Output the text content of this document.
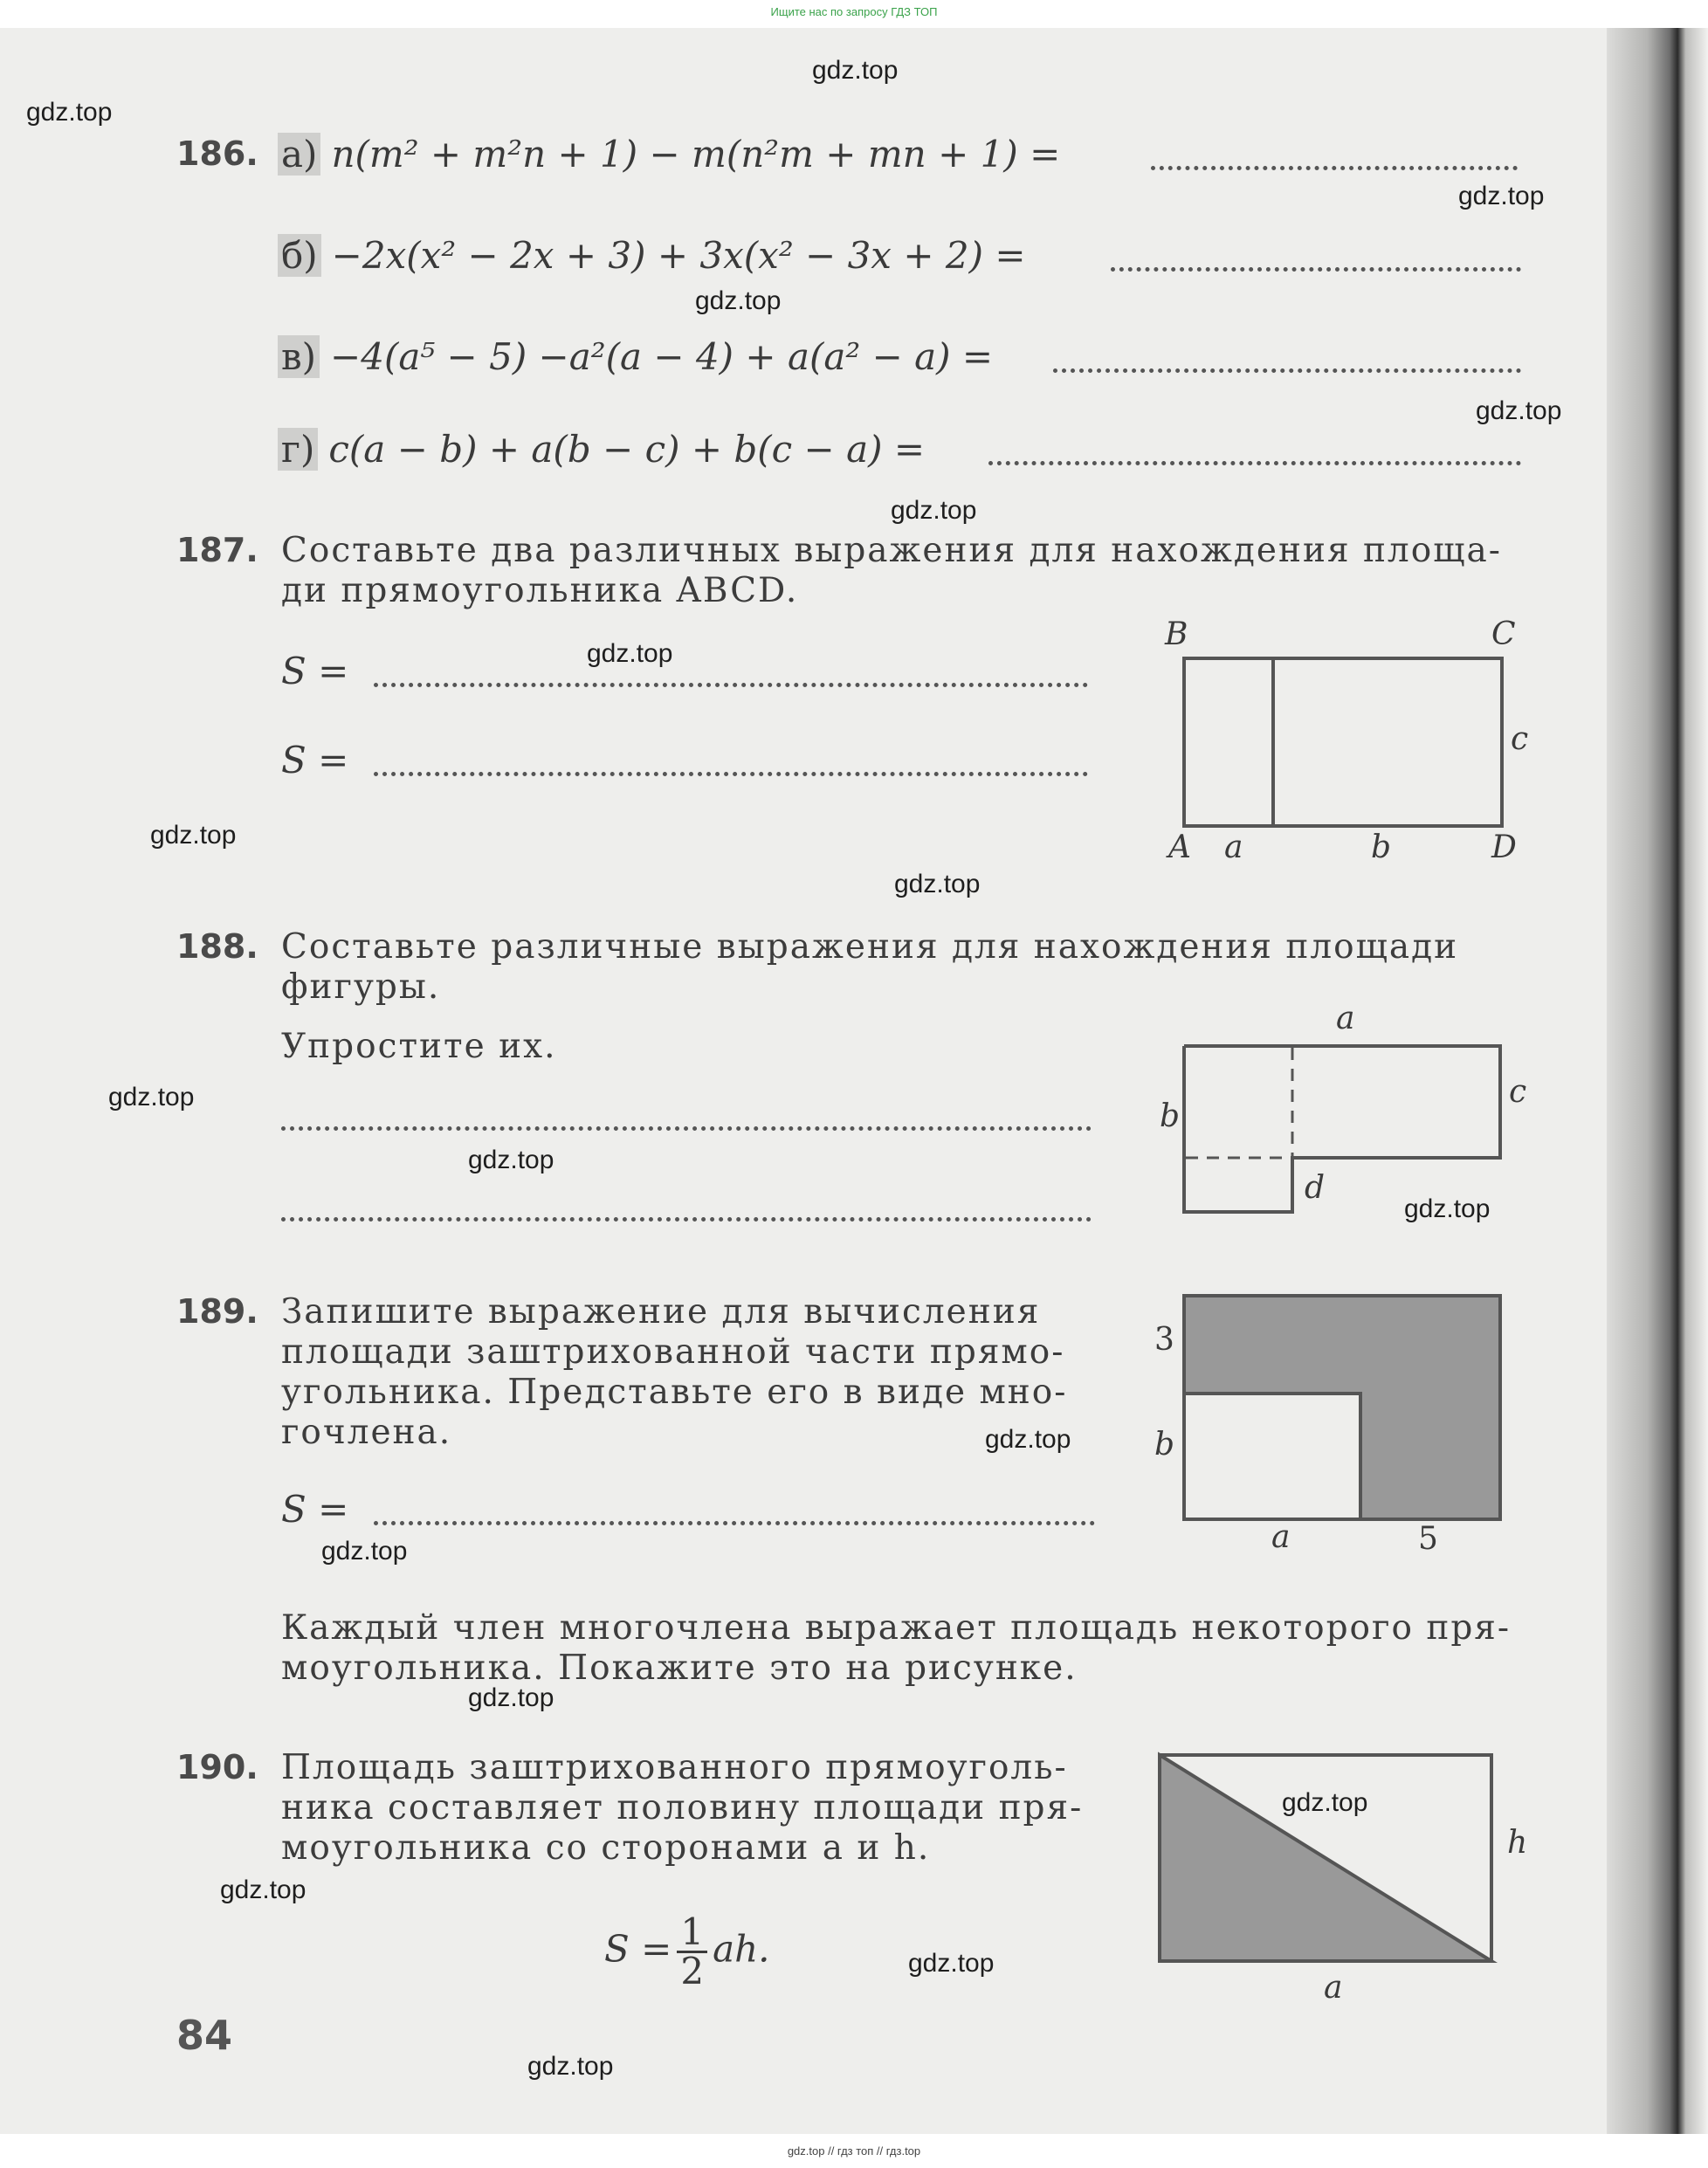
Ищите нас по запросу ГДЗ ТОП
gdz.top
gdz.top
gdz.top
gdz.top
gdz.top
gdz.top
gdz.top
gdz.top
gdz.top
gdz.top
gdz.top
gdz.top
gdz.top
gdz.top
gdz.top
gdz.top
gdz.top
gdz.top
gdz.top
186. а) n(m² + m²n + 1) − m(n²m + mn + 1) =
б) −2x(x² − 2x + 3) + 3x(x² − 3x + 2) =
в) −4(a⁵ − 5) −a²(a − 4) + a(a² − a) =
г) c(a − b) + a(b − c) + b(c − a) =
187. Составьте два различных выражения для нахождения площа-
ди прямоугольника ABCD.
S =
S =
B	C
c
A a	b	D
188. Составьте различные выражения для нахождения площади
фигуры.
Упростите их.
a
c
b
d
189. Запишите выражение для вычисления
площади заштрихованной части прямо-
угольника. Представьте его в виде мно-
гочлена.
S =
Каждый член многочлена выражает площадь некоторого пря-
моугольника. Покажите это на рисунке.
3
b
a	5
190. Площадь заштрихованного прямоуголь-
ника составляет половину площади пря-
моугольника со сторонами a и h.
$S = \frac{1}{2}$ ah.
h
a
84
gdz.top // гдз топ // гдз.top
